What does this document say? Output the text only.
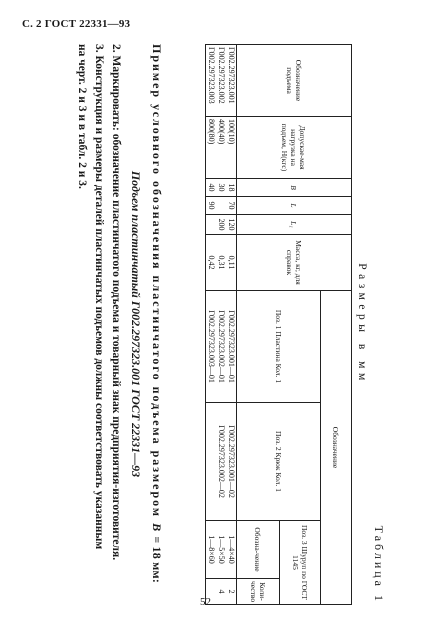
С. 2 ГОСТ 22331—93
Таблица 1
Размеры в мм
Обозначение подъема	Допускае-мая нагрузка на подъем, Н(кгс)	B	L	L₁	Масса, кг, для справок	Обозначение			
						Поз. 1 Пластина Кол. 1	Поз. 2 Крюк Кол. 1	Поз. 3 Шуруп по ГОСТ 1145	
								Обозна-чение	Коли-чество
Г002.297323.001	100(10)	18	70	120	0,11	Г002.297323.001—01	Г002.297323.001—02	1—4×40	2
Г002.297323.002	400(40)	30		200	0,31	Г002.297323.002—01	Г002.297323.002—02	1—5×50	4
Г002.297323.003	800(80)	40	90		0,42	Г002.297323.003—01		1—8×60	
Пример условного обозначения пластинчатого подъема размером B = 18 мм:
Подъем пластинчатый Г002.297323.001 ГОСТ 22331—93
2. Маркировать: обозначение пластинчатого подъема и товарный знак предприятия-изготовителя.
3. Конструкция и размеры деталей пластинчатых подъемов должны соответствовать указанным
на черт. 2 и 3 и в табл. 2 и 3.
52
